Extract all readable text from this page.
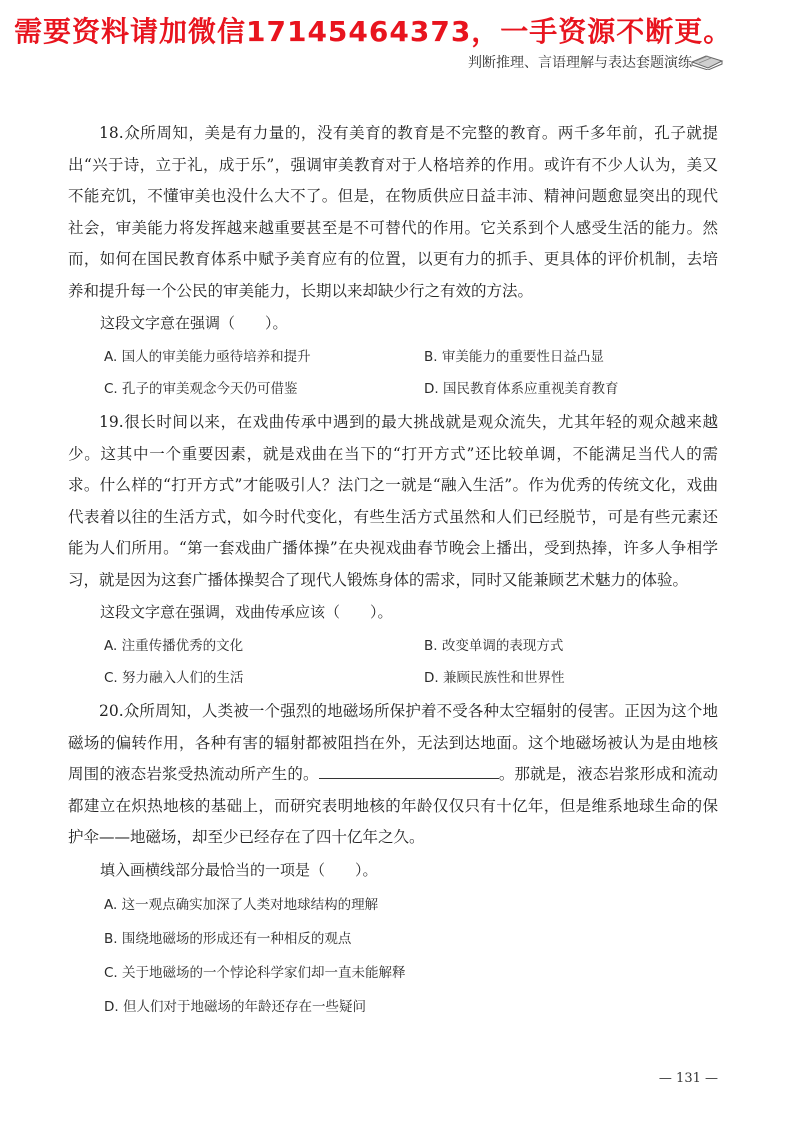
需要资料请加微信17145464373，一手资源不断更。
判断推理、言语理解与表达套题演练

18.众所周知，美是有力量的，没有美育的教育是不完整的教育。两千多年前，孔子就提出“兴于诗，立于礼，成于乐”，强调审美教育对于人格培养的作用。或许有不少人认为，美又不能充饥，不懂审美也没什么大不了。但是，在物质供应日益丰沛、精神问题愈显突出的现代社会，审美能力将发挥越来越重要甚至是不可替代的作用。它关系到个人感受生活的能力。然而，如何在国民教育体系中赋予美育应有的位置，以更有力的抓手、更具体的评价机制，去培养和提升每一个公民的审美能力，长期以来却缺少行之有效的方法。

这段文字意在强调（　　）。
A. 国人的审美能力亟待培养和提升	B. 审美能力的重要性日益凸显
C. 孔子的审美观念今天仍可借鉴	D. 国民教育体系应重视美育教育

19.很长时间以来，在戏曲传承中遇到的最大挑战就是观众流失，尤其年轻的观众越来越少。这其中一个重要因素，就是戏曲在当下的“打开方式”还比较单调，不能满足当代人的需求。什么样的“打开方式”才能吸引人？法门之一就是“融入生活”。作为优秀的传统文化，戏曲代表着以往的生活方式，如今时代变化，有些生活方式虽然和人们已经脱节，可是有些元素还能为人们所用。“第一套戏曲广播体操”在央视戏曲春节晚会上播出，受到热捧，许多人争相学习，就是因为这套广播体操契合了现代人锻炼身体的需求，同时又能兼顾艺术魅力的体验。

这段文字意在强调，戏曲传承应该（　　）。
A. 注重传播优秀的文化	B. 改变单调的表现方式
C. 努力融入人们的生活	D. 兼顾民族性和世界性

20.众所周知，人类被一个强烈的地磁场所保护着不受各种太空辐射的侵害。正因为这个地磁场的偏转作用，各种有害的辐射都被阻挡在外，无法到达地面。这个地磁场被认为是由地核周围的液态岩浆受热流动所产生的。	。那就是，液态岩浆形成和流动都建立在炽热地核的基础上，而研究表明地核的年龄仅仅只有十亿年，但是维系地球生命的保护伞——地磁场，却至少已经存在了四十亿年之久。

填入画横线部分最恰当的一项是（　　）。
A. 这一观点确实加深了人类对地球结构的理解
B. 围绕地磁场的形成还有一种相反的观点
C. 关于地磁场的一个悖论科学家们却一直未能解释
D. 但人们对于地磁场的年龄还存在一些疑问
— 131 —
